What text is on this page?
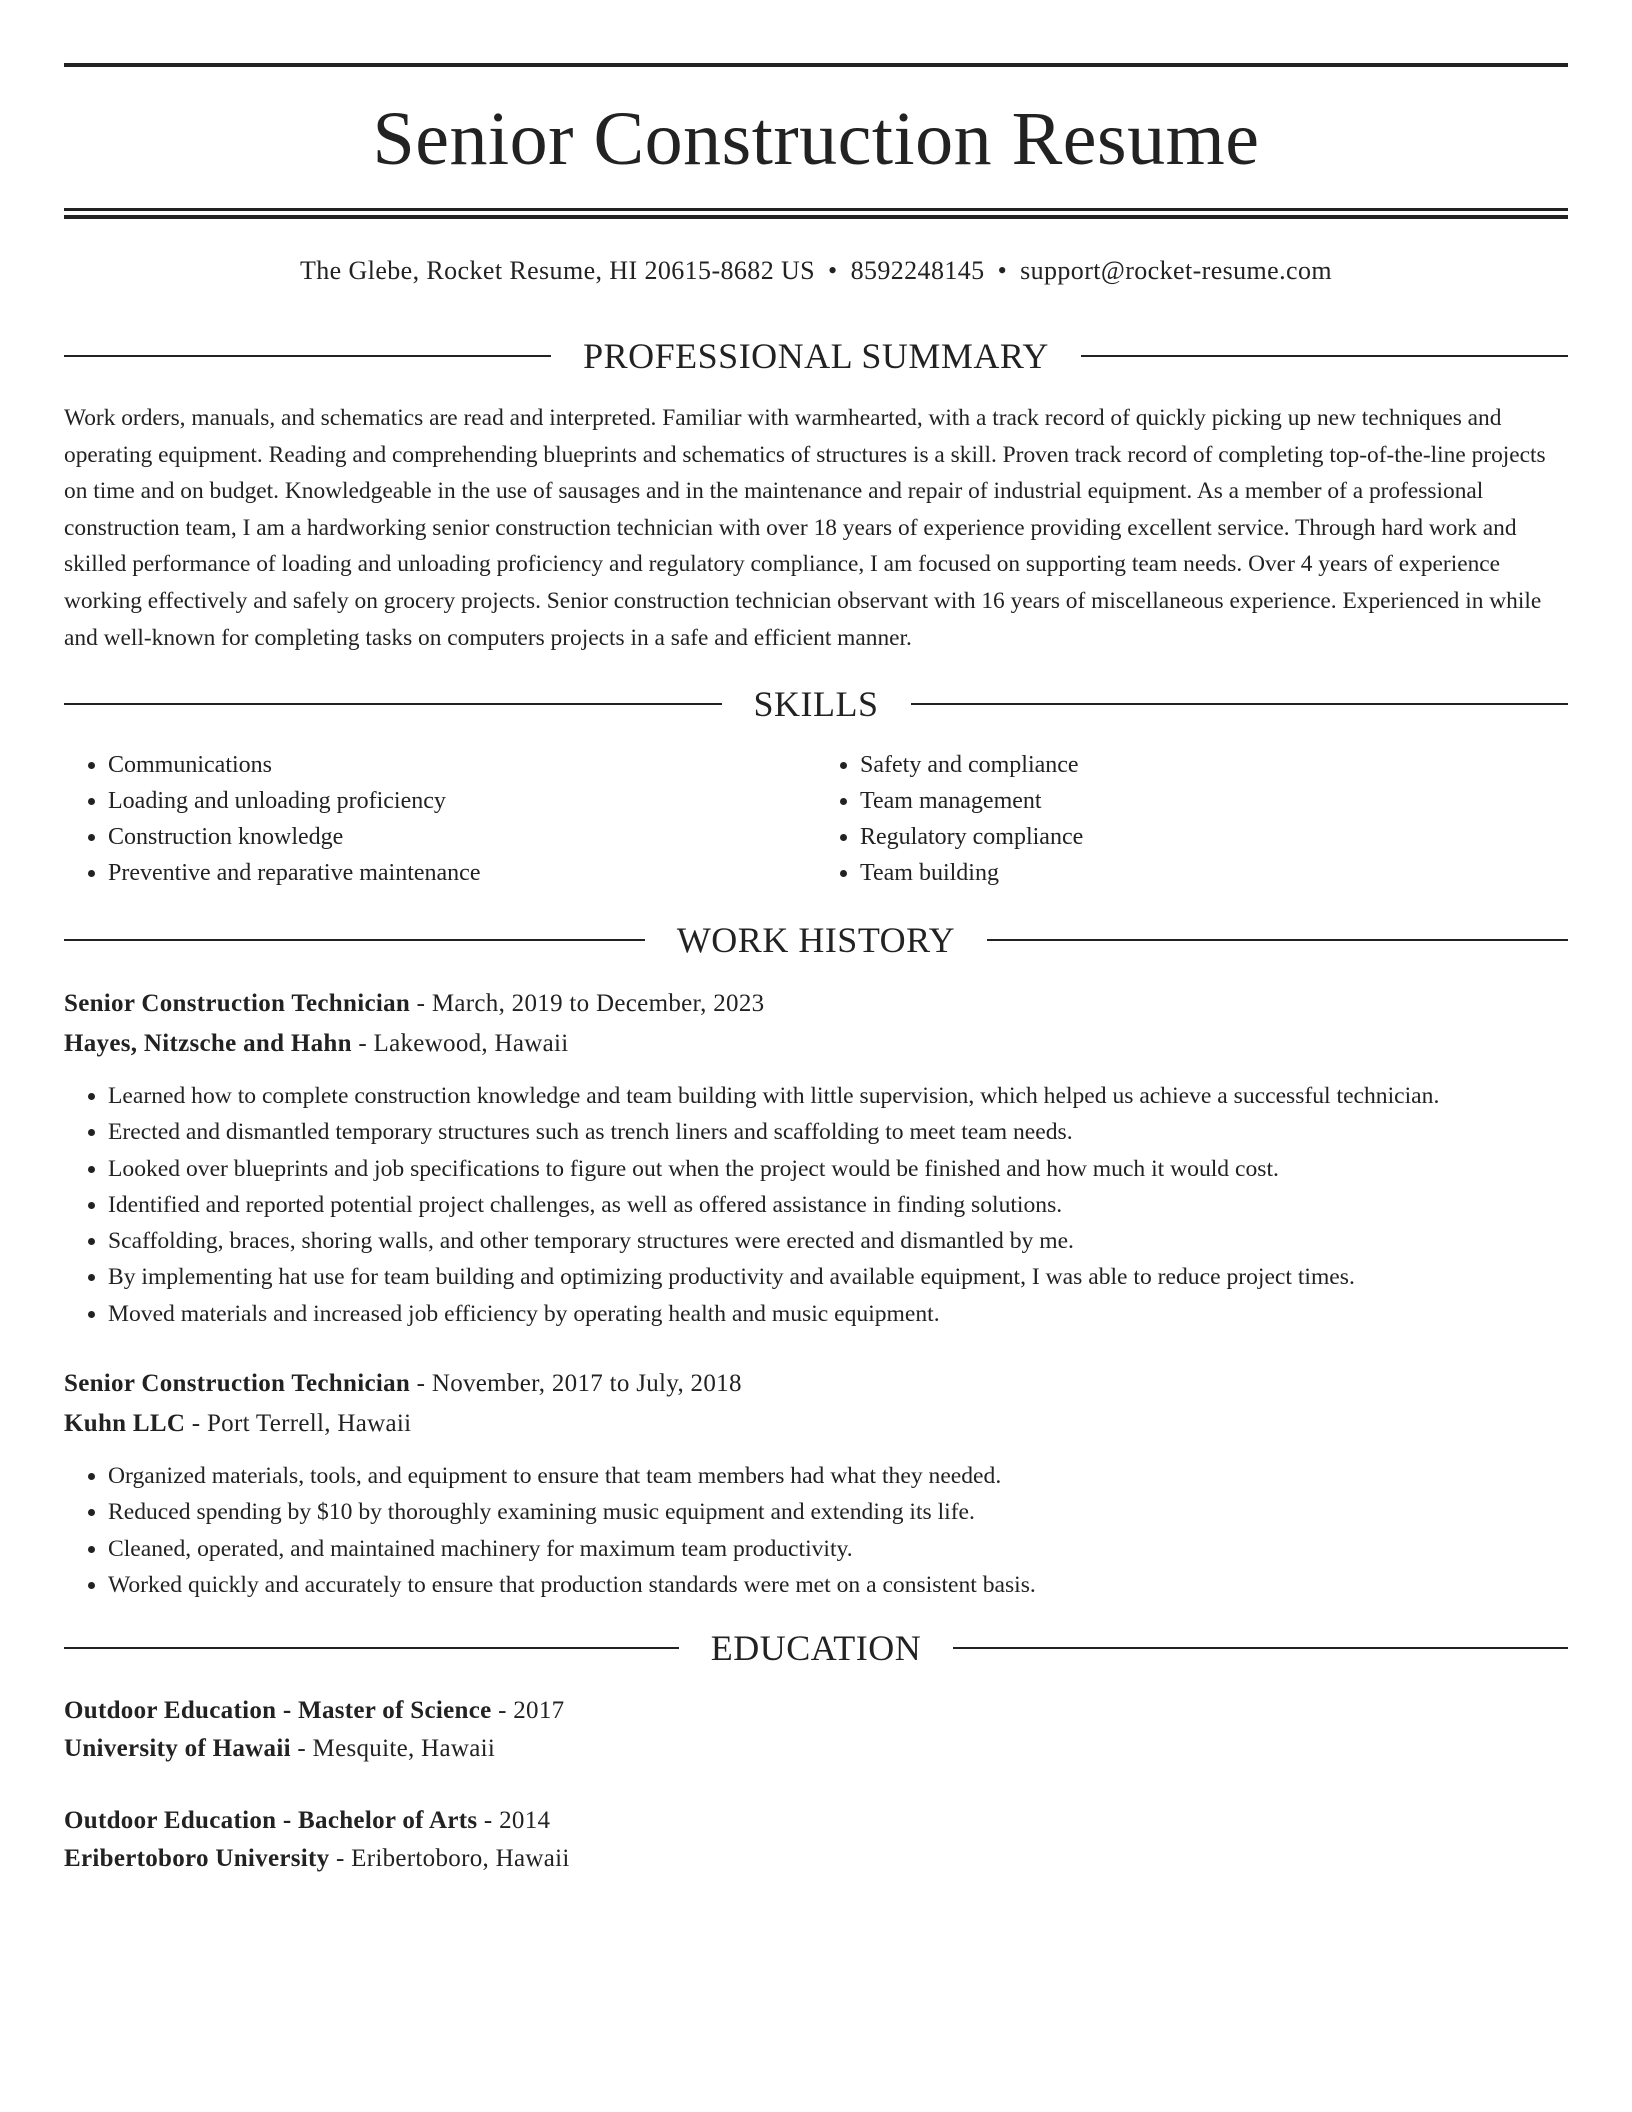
Senior Construction Resume
The Glebe, Rocket Resume, HI 20615-8682 US • 8592248145 • support@rocket-resume.com
PROFESSIONAL SUMMARY

Work orders, manuals, and schematics are read and interpreted. Familiar with warmhearted, with a track record of quickly picking up new techniques and operating equipment. Reading and comprehending blueprints and schematics of structures is a skill. Proven track record of completing top-of-the-line projects on time and on budget. Knowledgeable in the use of sausages and in the maintenance and repair of industrial equipment. As a member of a professional construction team, I am a hardworking senior construction technician with over 18 years of experience providing excellent service. Through hard work and skilled performance of loading and unloading proficiency and regulatory compliance, I am focused on supporting team needs. Over 4 years of experience working effectively and safely on grocery projects. Senior construction technician observant with 16 years of miscellaneous experience. Experienced in while and well-known for completing tasks on computers projects in a safe and efficient manner.

SKILLS
• Communications
• Loading and unloading proficiency
• Construction knowledge
• Preventive and reparative maintenance
• Safety and compliance
• Team management
• Regulatory compliance
• Team building
WORK HISTORY
Senior Construction Technician - March, 2019 to December, 2023
Hayes, Nitzsche and Hahn - Lakewood, Hawaii
• Learned how to complete construction knowledge and team building with little supervision, which helped us achieve a successful technician.
• Erected and dismantled temporary structures such as trench liners and scaffolding to meet team needs.
• Looked over blueprints and job specifications to figure out when the project would be finished and how much it would cost.
• Identified and reported potential project challenges, as well as offered assistance in finding solutions.
• Scaffolding, braces, shoring walls, and other temporary structures were erected and dismantled by me.
• By implementing hat use for team building and optimizing productivity and available equipment, I was able to reduce project times.
• Moved materials and increased job efficiency by operating health and music equipment.
Senior Construction Technician - November, 2017 to July, 2018
Kuhn LLC - Port Terrell, Hawaii
• Organized materials, tools, and equipment to ensure that team members had what they needed.
• Reduced spending by $10 by thoroughly examining music equipment and extending its life.
• Cleaned, operated, and maintained machinery for maximum team productivity.
• Worked quickly and accurately to ensure that production standards were met on a consistent basis.
EDUCATION
Outdoor Education - Master of Science - 2017
University of Hawaii - Mesquite, Hawaii
Outdoor Education - Bachelor of Arts - 2014
Eribertoboro University - Eribertoboro, Hawaii
